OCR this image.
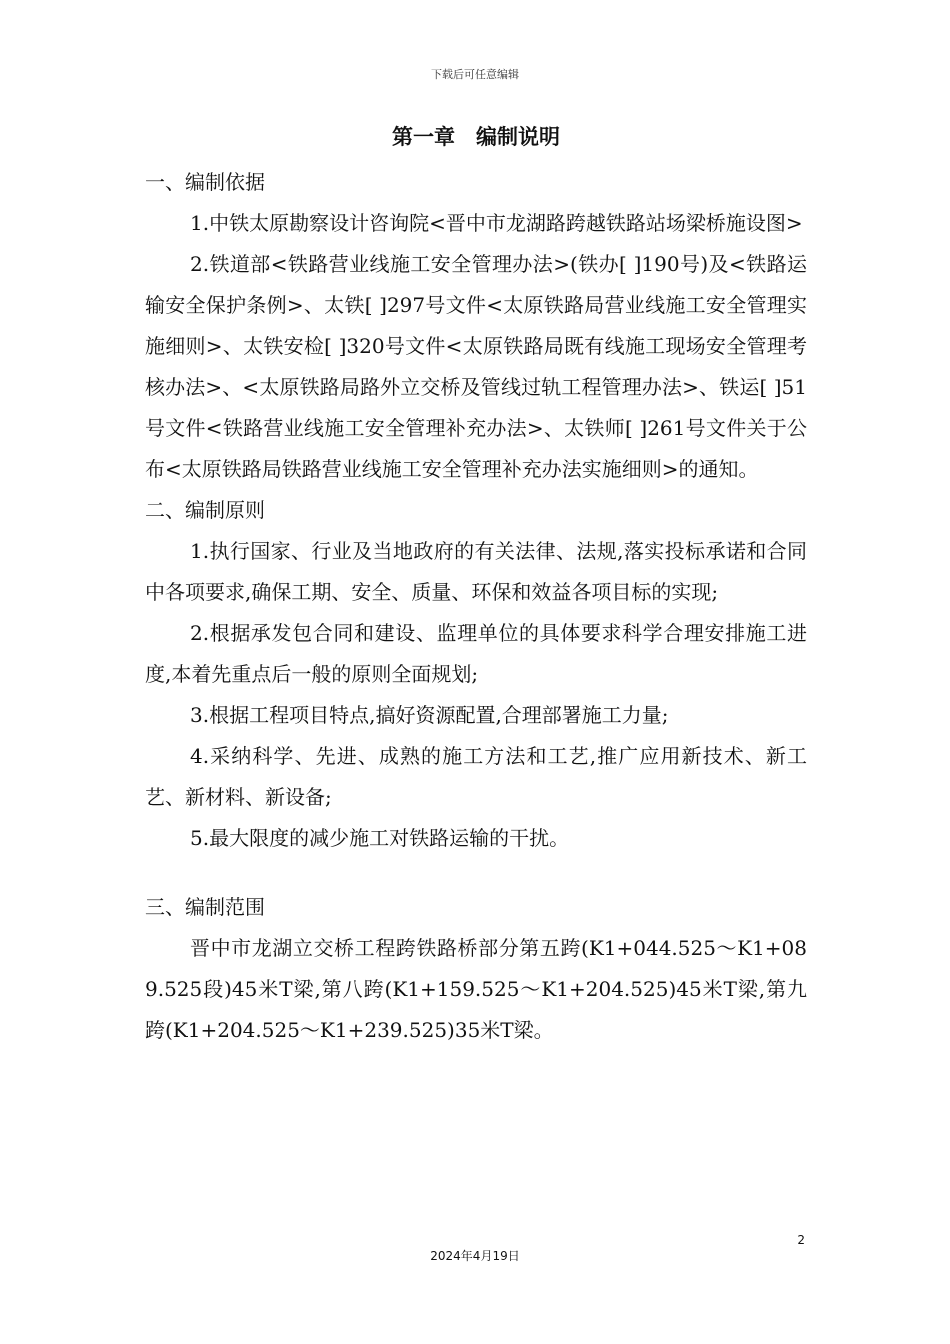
下载后可任意编辑
第一章　编制说明

一、编制依据

1.中铁太原勘察设计咨询院<晋中市龙湖路跨越铁路站场梁桥施设图>

2.铁道部<铁路营业线施工安全管理办法>(铁办[ ]190号)及<铁路运输安全保护条例>、太铁[ ]297号文件<太原铁路局营业线施工安全管理实施细则>、太铁安检[ ]320号文件<太原铁路局既有线施工现场安全管理考核办法>、<太原铁路局路外立交桥及管线过轨工程管理办法>、铁运[ ]51号文件<铁路营业线施工安全管理补充办法>、太铁师[ ]261号文件关于公布<太原铁路局铁路营业线施工安全管理补充办法实施细则>的通知。

二、编制原则

1.执行国家、行业及当地政府的有关法律、法规,落实投标承诺和合同中各项要求,确保工期、安全、质量、环保和效益各项目标的实现;

2.根据承发包合同和建设、监理单位的具体要求科学合理安排施工进度,本着先重点后一般的原则全面规划;

3.根据工程项目特点,搞好资源配置,合理部署施工力量;

4.采纳科学、先进、成熟的施工方法和工艺,推广应用新技术、新工艺、新材料、新设备;

5.最大限度的减少施工对铁路运输的干扰。

三、编制范围

晋中市龙湖立交桥工程跨铁路桥部分第五跨(K1+044.525～K1+089.525段)45米T梁,第八跨(K1+159.525～K1+204.525)45米T梁,第九跨(K1+204.525～K1+239.525)35米T梁。

2
2024年4月19日
